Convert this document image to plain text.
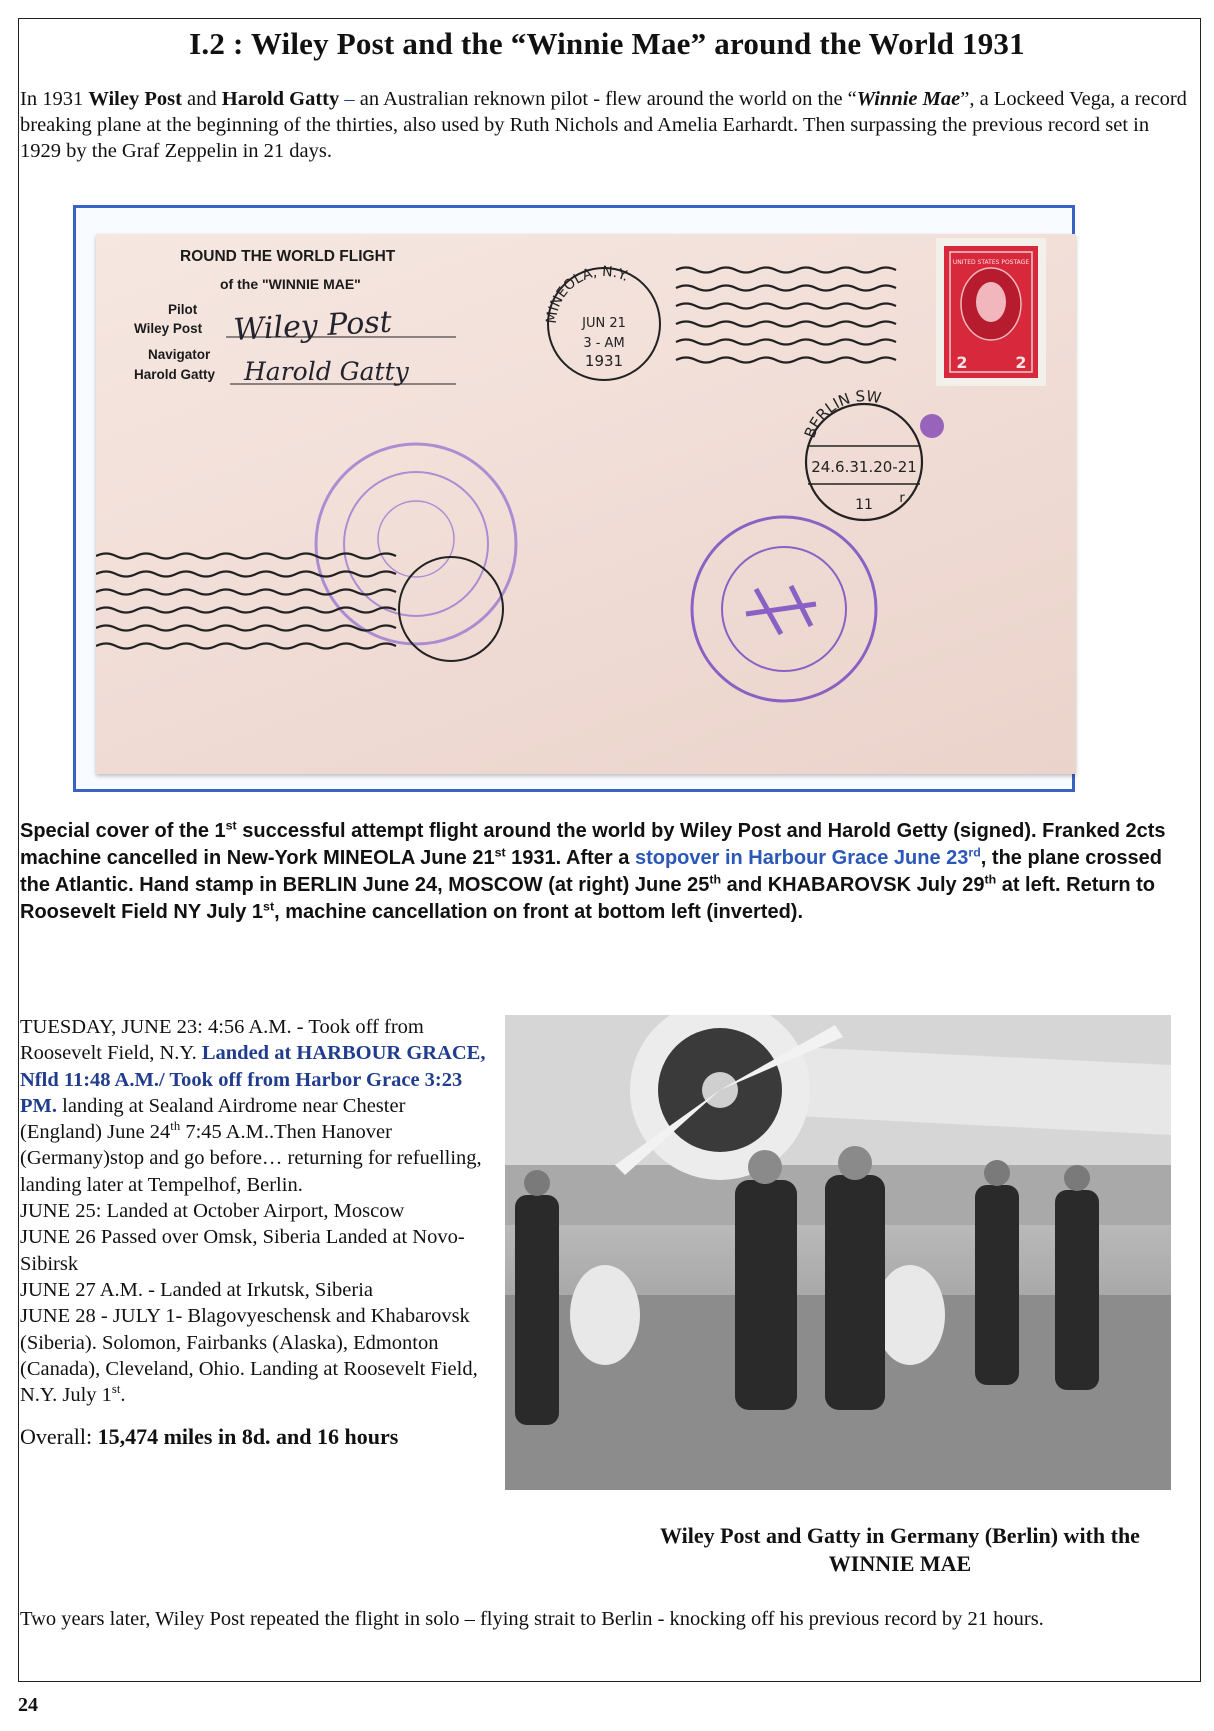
I.2 : Wiley Post and the “Winnie Mae” around the World 1931
In 1931 Wiley Post and Harold Gatty – an Australian reknown pilot - flew around the world on the “Winnie Mae”, a Lockeed Vega, a record breaking plane at the beginning of the thirties, also used by Ruth Nichols and Amelia Earhardt. Then surpassing the previous record set in 1929 by the Graf Zeppelin in 21 days.
ROUND THE WORLD FLIGHT
of the "WINNIE MAE"
Pilot
Wiley Post
Navigator
Harold Gatty
Wiley Post
Harold Gatty
MINEOLA, N.Y.
JUN 21
3 - AM
1931
UNITED STATES POSTAGE
2	2
BERLIN SW
24.6.31.20-21
11 r
Special cover of the 1st successful attempt flight around the world by Wiley Post and Harold Getty (signed). Franked 2cts machine cancelled in New-York MINEOLA June 21st 1931. After a stopover in Harbour Grace June 23rd, the plane crossed the Atlantic. Hand stamp in BERLIN June 24, MOSCOW (at right) June 25th and KHABAROVSK July 29th at left. Return to Roosevelt Field NY July 1st, machine cancellation on front at bottom left (inverted).

TUESDAY, JUNE 23: 4:56 A.M. - Took off from Roosevelt Field, N.Y. Landed at HARBOUR GRACE, Nfld 11:48 A.M./ Took off from Harbor Grace 3:23 PM. landing at Sealand Airdrome near Chester (England) June 24th 7:45 A.M..Then Hanover (Germany)stop and go before… returning for refuelling, landing later at Tempelhof, Berlin.

JUNE 25: Landed at October Airport, Moscow

JUNE 26 Passed over Omsk, Siberia Landed at Novo-Sibirsk

JUNE 27 A.M. - Landed at Irkutsk, Siberia

JUNE 28 - JULY 1- Blagovyeschensk and Khabarovsk (Siberia). Solomon, Fairbanks (Alaska), Edmonton (Canada), Cleveland, Ohio. Landing at Roosevelt Field, N.Y. July 1st.

Overall: 15,474 miles in 8d. and 16 hours

Wiley Post and Gatty in Germany (Berlin) with the
WINNIE MAE
Two years later, Wiley Post repeated the flight in solo – flying strait to Berlin - knocking off his previous record by 21 hours.
24
